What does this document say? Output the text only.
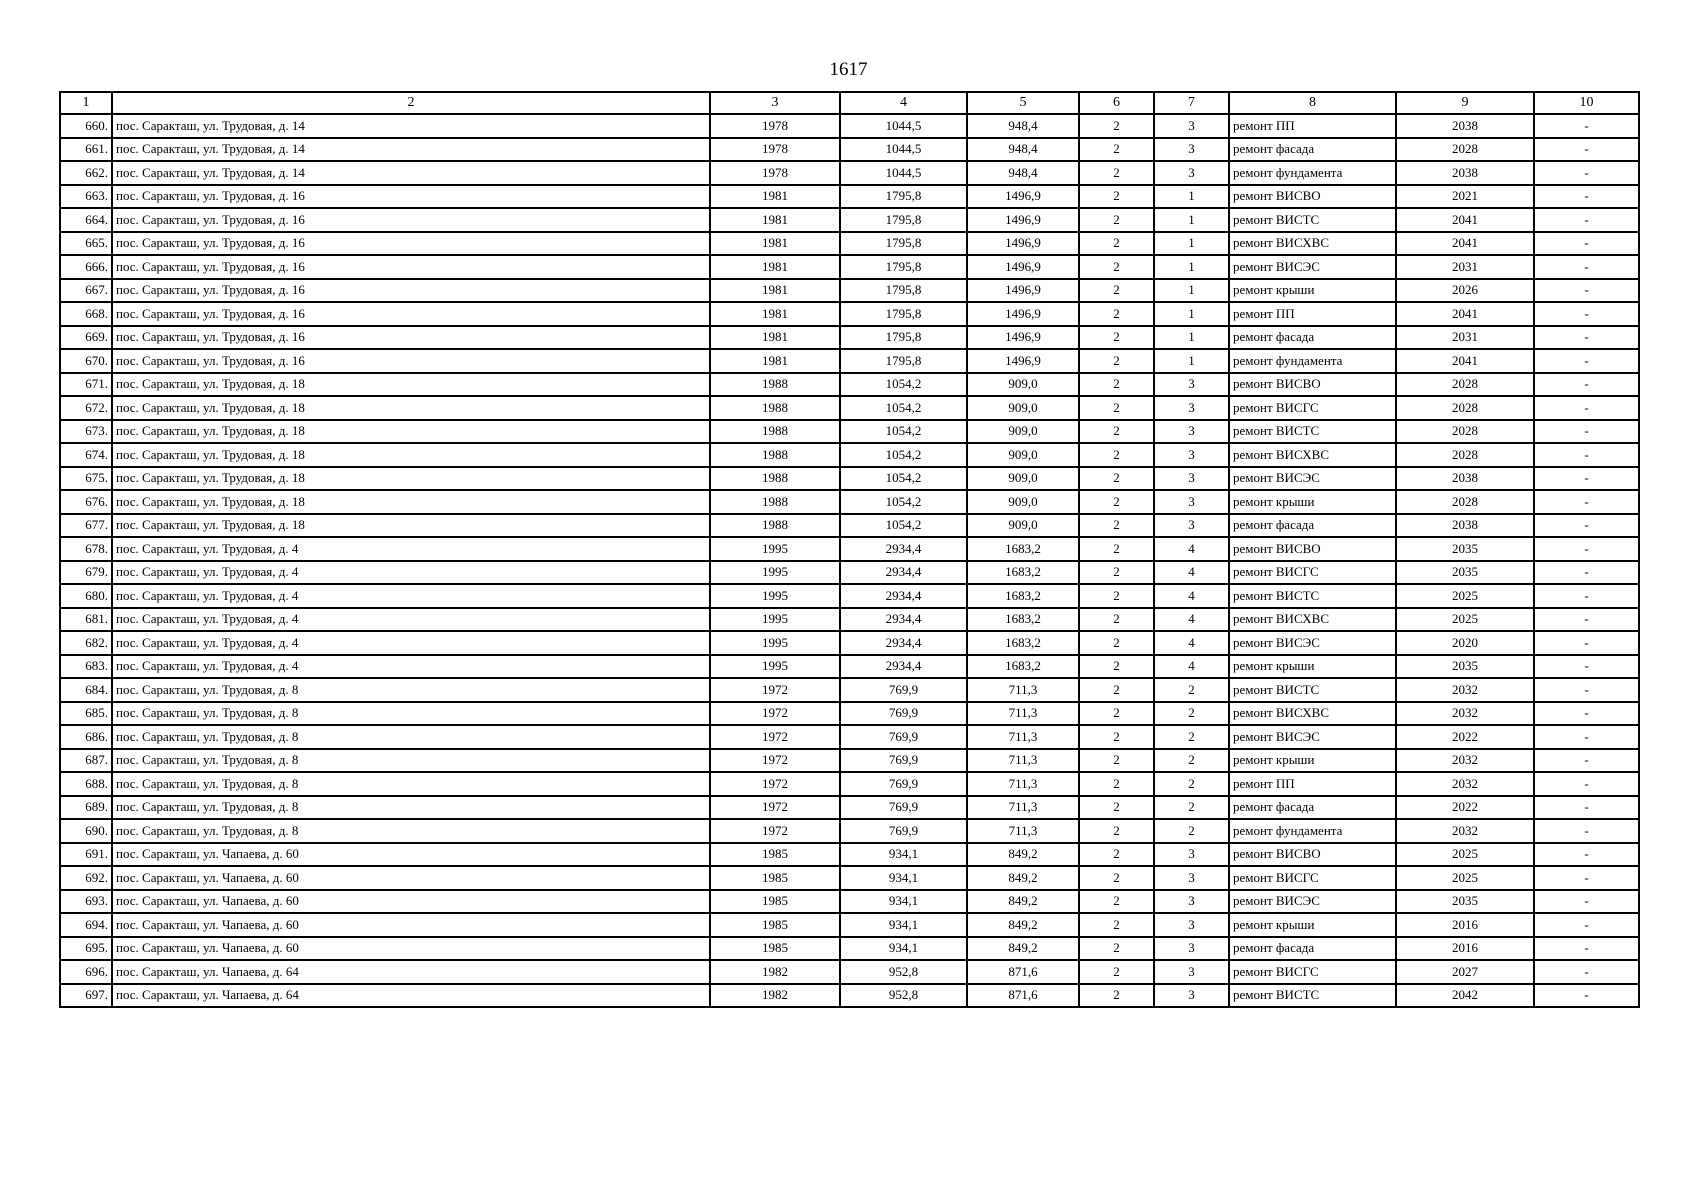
1617
1	2	3	4	5	6	7	8	9	10
660.	пос. Саракташ, ул. Трудовая, д. 14	1978	1044,5	948,4	2	3	ремонт ПП	2038	-
661.	пос. Саракташ, ул. Трудовая, д. 14	1978	1044,5	948,4	2	3	ремонт фасада	2028	-
662.	пос. Саракташ, ул. Трудовая, д. 14	1978	1044,5	948,4	2	3	ремонт фундамента	2038	-
663.	пос. Саракташ, ул. Трудовая, д. 16	1981	1795,8	1496,9	2	1	ремонт ВИСВО	2021	-
664.	пос. Саракташ, ул. Трудовая, д. 16	1981	1795,8	1496,9	2	1	ремонт ВИСТС	2041	-
665.	пос. Саракташ, ул. Трудовая, д. 16	1981	1795,8	1496,9	2	1	ремонт ВИСХВС	2041	-
666.	пос. Саракташ, ул. Трудовая, д. 16	1981	1795,8	1496,9	2	1	ремонт ВИСЭС	2031	-
667.	пос. Саракташ, ул. Трудовая, д. 16	1981	1795,8	1496,9	2	1	ремонт крыши	2026	-
668.	пос. Саракташ, ул. Трудовая, д. 16	1981	1795,8	1496,9	2	1	ремонт ПП	2041	-
669.	пос. Саракташ, ул. Трудовая, д. 16	1981	1795,8	1496,9	2	1	ремонт фасада	2031	-
670.	пос. Саракташ, ул. Трудовая, д. 16	1981	1795,8	1496,9	2	1	ремонт фундамента	2041	-
671.	пос. Саракташ, ул. Трудовая, д. 18	1988	1054,2	909,0	2	3	ремонт ВИСВО	2028	-
672.	пос. Саракташ, ул. Трудовая, д. 18	1988	1054,2	909,0	2	3	ремонт ВИСГС	2028	-
673.	пос. Саракташ, ул. Трудовая, д. 18	1988	1054,2	909,0	2	3	ремонт ВИСТС	2028	-
674.	пос. Саракташ, ул. Трудовая, д. 18	1988	1054,2	909,0	2	3	ремонт ВИСХВС	2028	-
675.	пос. Саракташ, ул. Трудовая, д. 18	1988	1054,2	909,0	2	3	ремонт ВИСЭС	2038	-
676.	пос. Саракташ, ул. Трудовая, д. 18	1988	1054,2	909,0	2	3	ремонт крыши	2028	-
677.	пос. Саракташ, ул. Трудовая, д. 18	1988	1054,2	909,0	2	3	ремонт фасада	2038	-
678.	пос. Саракташ, ул. Трудовая, д. 4	1995	2934,4	1683,2	2	4	ремонт ВИСВО	2035	-
679.	пос. Саракташ, ул. Трудовая, д. 4	1995	2934,4	1683,2	2	4	ремонт ВИСГС	2035	-
680.	пос. Саракташ, ул. Трудовая, д. 4	1995	2934,4	1683,2	2	4	ремонт ВИСТС	2025	-
681.	пос. Саракташ, ул. Трудовая, д. 4	1995	2934,4	1683,2	2	4	ремонт ВИСХВС	2025	-
682.	пос. Саракташ, ул. Трудовая, д. 4	1995	2934,4	1683,2	2	4	ремонт ВИСЭС	2020	-
683.	пос. Саракташ, ул. Трудовая, д. 4	1995	2934,4	1683,2	2	4	ремонт крыши	2035	-
684.	пос. Саракташ, ул. Трудовая, д. 8	1972	769,9	711,3	2	2	ремонт ВИСТС	2032	-
685.	пос. Саракташ, ул. Трудовая, д. 8	1972	769,9	711,3	2	2	ремонт ВИСХВС	2032	-
686.	пос. Саракташ, ул. Трудовая, д. 8	1972	769,9	711,3	2	2	ремонт ВИСЭС	2022	-
687.	пос. Саракташ, ул. Трудовая, д. 8	1972	769,9	711,3	2	2	ремонт крыши	2032	-
688.	пос. Саракташ, ул. Трудовая, д. 8	1972	769,9	711,3	2	2	ремонт ПП	2032	-
689.	пос. Саракташ, ул. Трудовая, д. 8	1972	769,9	711,3	2	2	ремонт фасада	2022	-
690.	пос. Саракташ, ул. Трудовая, д. 8	1972	769,9	711,3	2	2	ремонт фундамента	2032	-
691.	пос. Саракташ, ул. Чапаева, д. 60	1985	934,1	849,2	2	3	ремонт ВИСВО	2025	-
692.	пос. Саракташ, ул. Чапаева, д. 60	1985	934,1	849,2	2	3	ремонт ВИСГС	2025	-
693.	пос. Саракташ, ул. Чапаева, д. 60	1985	934,1	849,2	2	3	ремонт ВИСЭС	2035	-
694.	пос. Саракташ, ул. Чапаева, д. 60	1985	934,1	849,2	2	3	ремонт крыши	2016	-
695.	пос. Саракташ, ул. Чапаева, д. 60	1985	934,1	849,2	2	3	ремонт фасада	2016	-
696.	пос. Саракташ, ул. Чапаева, д. 64	1982	952,8	871,6	2	3	ремонт ВИСГС	2027	-
697.	пос. Саракташ, ул. Чапаева, д. 64	1982	952,8	871,6	2	3	ремонт ВИСТС	2042	-
